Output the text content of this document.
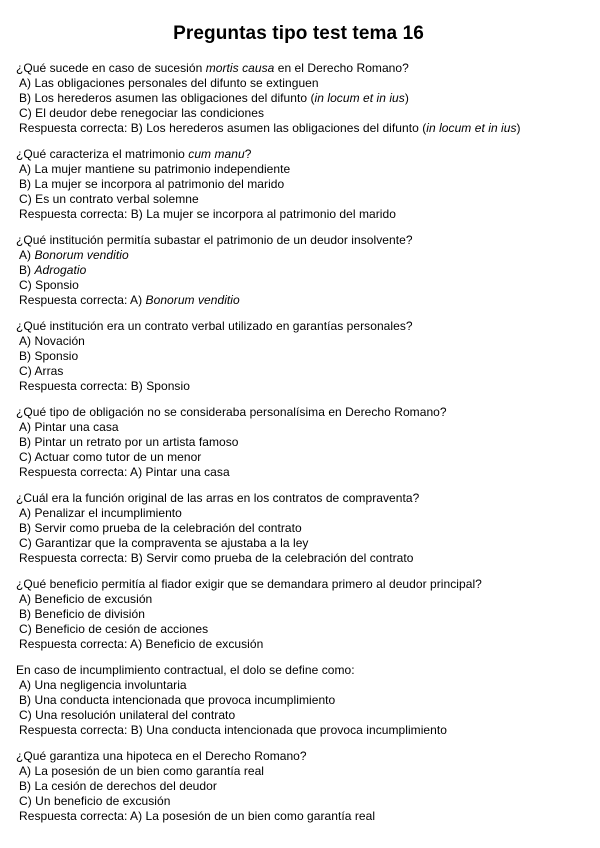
Preguntas tipo test tema 16
¿Qué sucede en caso de sucesión mortis causa en el Derecho Romano?
A) Las obligaciones personales del difunto se extinguen
B) Los herederos asumen las obligaciones del difunto (in locum et in ius)
C) El deudor debe renegociar las condiciones
Respuesta correcta: B) Los herederos asumen las obligaciones del difunto (in locum et in ius)
¿Qué caracteriza el matrimonio cum manu?
A) La mujer mantiene su patrimonio independiente
B) La mujer se incorpora al patrimonio del marido
C) Es un contrato verbal solemne
Respuesta correcta: B) La mujer se incorpora al patrimonio del marido
¿Qué institución permitía subastar el patrimonio de un deudor insolvente?
A) Bonorum venditio
B) Adrogatio
C) Sponsio
Respuesta correcta: A) Bonorum venditio
¿Qué institución era un contrato verbal utilizado en garantías personales?
A) Novación
B) Sponsio
C) Arras
Respuesta correcta: B) Sponsio
¿Qué tipo de obligación no se consideraba personalísima en Derecho Romano?
A) Pintar una casa
B) Pintar un retrato por un artista famoso
C) Actuar como tutor de un menor
Respuesta correcta: A) Pintar una casa
¿Cuál era la función original de las arras en los contratos de compraventa?
A) Penalizar el incumplimiento
B) Servir como prueba de la celebración del contrato
C) Garantizar que la compraventa se ajustaba a la ley
Respuesta correcta: B) Servir como prueba de la celebración del contrato
¿Qué beneficio permitía al fiador exigir que se demandara primero al deudor principal?
A) Beneficio de excusión
B) Beneficio de división
C) Beneficio de cesión de acciones
Respuesta correcta: A) Beneficio de excusión
En caso de incumplimiento contractual, el dolo se define como:
A) Una negligencia involuntaria
B) Una conducta intencionada que provoca incumplimiento
C) Una resolución unilateral del contrato
Respuesta correcta: B) Una conducta intencionada que provoca incumplimiento
¿Qué garantiza una hipoteca en el Derecho Romano?
A) La posesión de un bien como garantía real
B) La cesión de derechos del deudor
C) Un beneficio de excusión
Respuesta correcta: A) La posesión de un bien como garantía real
